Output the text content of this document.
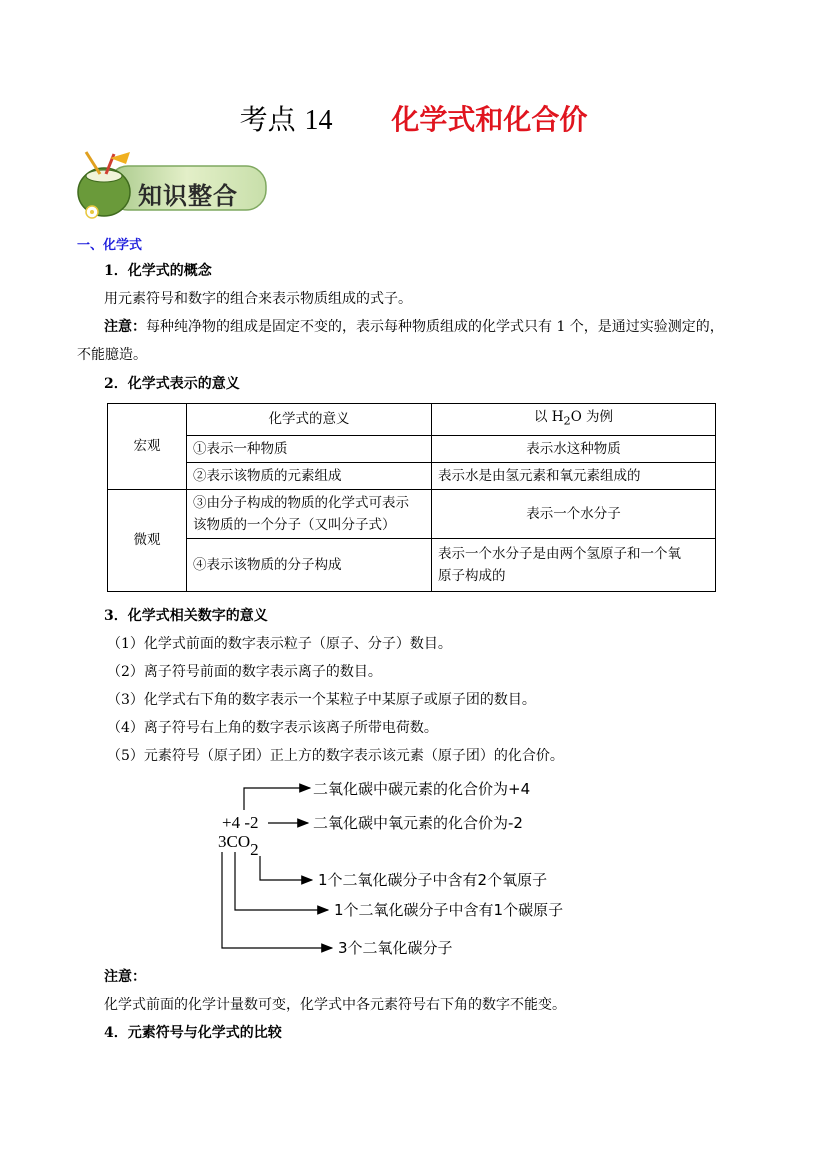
考点 14 化学式和化合价
知识整合
一、化学式
1．化学式的概念
用元素符号和数字的组合来表示物质组成的式子。
注意：每种纯净物的组成是固定不变的，表示每种物质组成的化学式只有 1 个，是通过实验测定的，
不能臆造。
2．化学式表示的意义
宏观	化学式的意义	以 $H_2O$ 为例
	①表示一种物质	表示水这种物质
	②表示该物质的元素组成	表示水是由氢元素和氧元素组成的
微观	③由分子构成的物质的化学式可表示
该物质的一个分子（又叫分子式）	表示一个水分子
	④表示该物质的分子构成	表示一个水分子是由两个氢原子和一个氧
原子构成的
3．化学式相关数字的意义
（1）化学式前面的数字表示粒子（原子、分子）数目。
（2）离子符号前面的数字表示离子的数目。
（3）化学式右下角的数字表示一个某粒子中某原子或原子团的数目。
（4）离子符号右上角的数字表示该离子所带电荷数。
（5）元素符号（原子团）正上方的数字表示该元素（原子团）的化合价。
+4 -2
3CO2
二氧化碳中碳元素的化合价为+4
二氧化碳中氧元素的化合价为-2
1个二氧化碳分子中含有2个氧原子
1个二氧化碳分子中含有1个碳原子
3个二氧化碳分子
注意：
化学式前面的化学计量数可变，化学式中各元素符号右下角的数字不能变。
4．元素符号与化学式的比较
